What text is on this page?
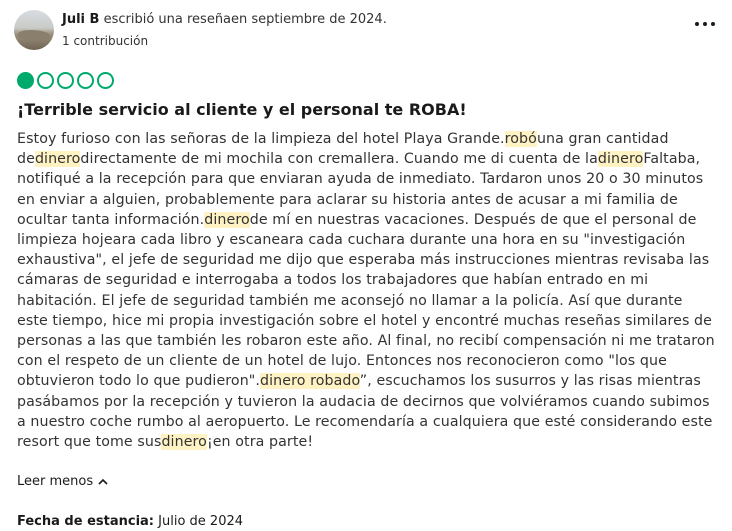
Juli B escribió una reseñaen septiembre de 2024.
1 contribución
¡Terrible servicio al cliente y el personal te ROBA!

Estoy furioso con las señoras de la limpieza del hotel Playa Grande.robóuna gran cantidad dedinerodirectamente de mi mochila con cremallera. Cuando me di cuenta de ladineroFaltaba, notifiqué a la recepción para que enviaran ayuda de inmediato. Tardaron unos 20 o 30 minutos en enviar a alguien, probablemente para aclarar su historia antes de acusar a mi familia de ocultar tanta información.dinerode mí en nuestras vacaciones. Después de que el personal de limpieza hojeara cada libro y escaneara cada cuchara durante una hora en su "investigación exhaustiva", el jefe de seguridad me dijo que esperaba más instrucciones mientras revisaba las cámaras de seguridad e interrogaba a todos los trabajadores que habían entrado en mi habitación. El jefe de seguridad también me aconsejó no llamar a la policía. Así que durante este tiempo, hice mi propia investigación sobre el hotel y encontré muchas reseñas similares de personas a las que también les robaron este año. Al final, no recibí compensación ni me trataron con el respeto de un cliente de un hotel de lujo. Entonces nos reconocieron como "los que obtuvieron todo lo que pudieron".dinero robado”, escuchamos los susurros y las risas mientras pasábamos por la recepción y tuvieron la audacia de decirnos que volviéramos cuando subimos a nuestro coche rumbo al aeropuerto. Le recomendaría a cualquiera que esté considerando este resort que tome susdinero¡en otra parte!

Leer menos
Fecha de estancia: Julio de 2024
